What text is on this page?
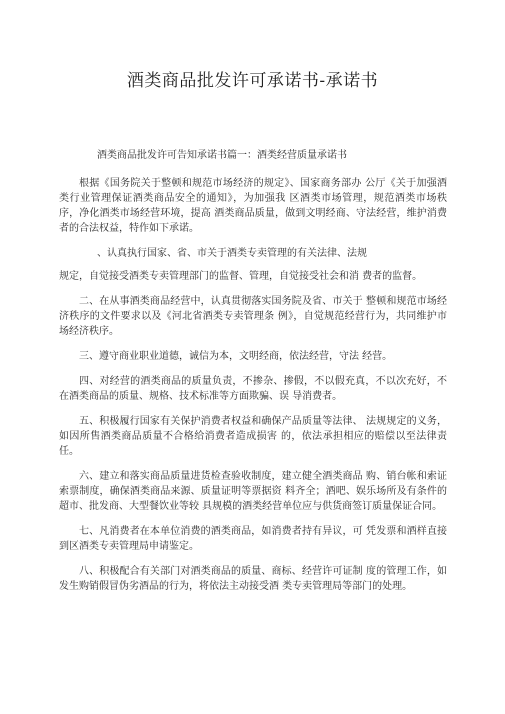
酒类商品批发许可承诺书-承诺书

酒类商品批发许可告知承诺书篇一：酒类经营质量承诺书

根据《国务院关于整顿和规范市场经济的规定》、国家商务部办 公厅《关于加强酒类行业管理保证酒类商品安全的通知》，为加强我 区酒类市场管理，规范酒类市场秩序，净化酒类市场经营环境，提高 酒类商品质量，做到文明经商、守法经营，维护消费者的合法权益，特作如下承诺。

、认真执行国家、省、市关于酒类专卖管理的有关法律、法规

规定，自觉接受酒类专卖管理部门的监督、管理，自觉接受社会和消 费者的监督。

二、在从事酒类商品经营中，认真贯彻落实国务院及省、市关于 整顿和规范市场经济秩序的文件要求以及《河北省酒类专卖管理条 例》，自觉规范经营行为，共同维护市场经济秩序。

三、遵守商业职业道德，诚信为本，文明经商，依法经营，守法 经营。

四、对经营的酒类商品的质量负责，不掺杂、掺假，不以假充真，不以次充好，不在酒类商品的质量、规格、技术标准等方面欺骗、误 导消费者。

五、积极履行国家有关保护消费者权益和确保产品质量等法律、 法规规定的义务，如因所售酒类商品质量不合格给消费者造成损害 的，依法承担相应的赔偿以至法律责任。

六、建立和落实商品质量进货检查验收制度，建立健全酒类商品 购、销台帐和索证索票制度，确保酒类商品来源、质量证明等票据资 料齐全；酒吧、娱乐场所及有条件的超市、批发商、大型餐饮业等较 具规模的酒类经营单位应与供货商签订质量保证合同。

七、凡消费者在本单位消费的酒类商品，如消费者持有异议，可 凭发票和酒样直接到区酒类专卖管理局申请鉴定。

八、积极配合有关部门对酒类商品的质量、商标、经营许可证制 度的管理工作，如发生购销假冒伪劣酒品的行为，将依法主动接受酒 类专卖管理局等部门的处理。
